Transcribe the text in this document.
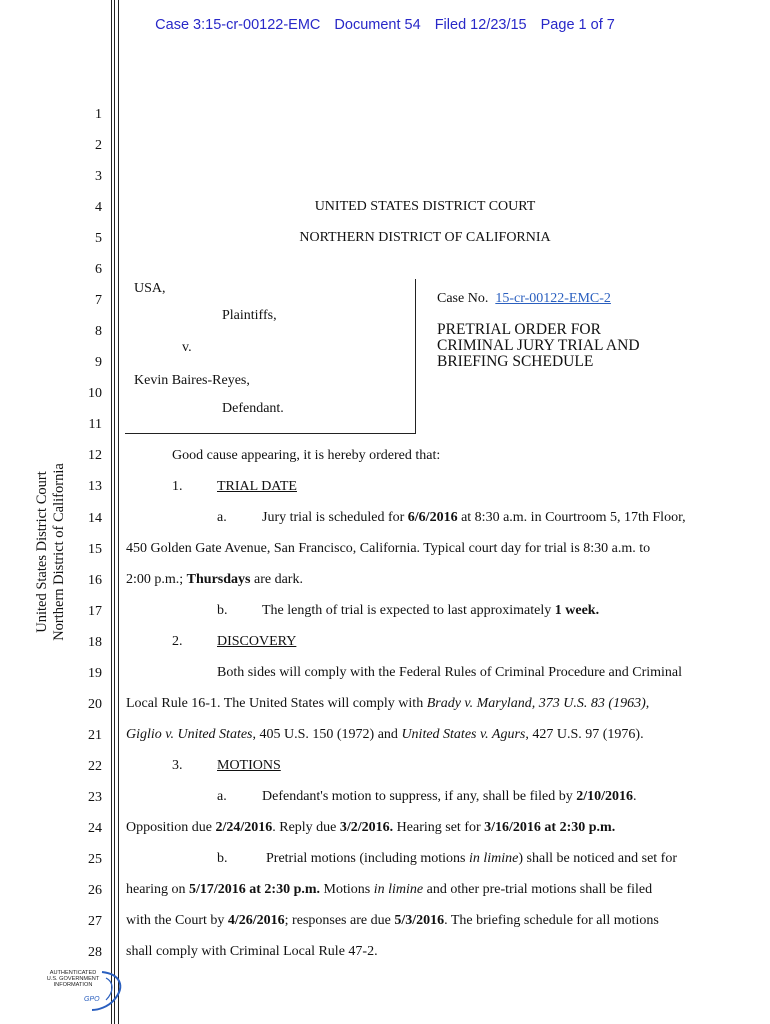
Case 3:15-cr-00122-EMC Document 54 Filed 12/23/15 Page 1 of 7
1
2
3
4
5
6
7
8
9
10
11
12
13
14
15
16
17
18
19
20
21
22
23
24
25
26
27
28
United States District Court Northern District of California
UNITED STATES DISTRICT COURT
NORTHERN DISTRICT OF CALIFORNIA
USA,
Plaintiffs,
v.
Kevin Baires-Reyes,
Defendant.
Case No. 15-cr-00122-EMC-2
PRETRIAL ORDER FOR
CRIMINAL JURY TRIAL AND
BRIEFING SCHEDULE
Good cause appearing, it is hereby ordered that:
1. TRIAL DATE
a.	Jury trial is scheduled for 6/6/2016 at 8:30 a.m. in Courtroom 5, 17th Floor,
450 Golden Gate Avenue, San Francisco, California. Typical court day for trial is 8:30 a.m. to
2:00 p.m.; Thursdays are dark.
b. The length of trial is expected to last approximately 1 week.
2. DISCOVERY
Both sides will comply with the Federal Rules of Criminal Procedure and Criminal
Local Rule 16-1. The United States will comply with Brady v. Maryland, 373 U.S. 83 (1963),
Giglio v. United States, 405 U.S. 150 (1972) and United States v. Agurs, 427 U.S. 97 (1976).
3. MOTIONS
a.	Defendant's motion to suppress, if any, shall be filed by 2/10/2016.
Opposition due 2/24/2016. Reply due 3/2/2016. Hearing set for 3/16/2016 at 2:30 p.m.
b.	Pretrial motions (including motions in limine) shall be noticed and set for
hearing on 5/17/2016 at 2:30 p.m. Motions in limine and other pre-trial motions shall be filed
with the Court by 4/26/2016; responses are due 5/3/2016. The briefing schedule for all motions
shall comply with Criminal Local Rule 47-2.
AUTHENTICATED
U.S. GOVERNMENT
INFORMATION
GPO
